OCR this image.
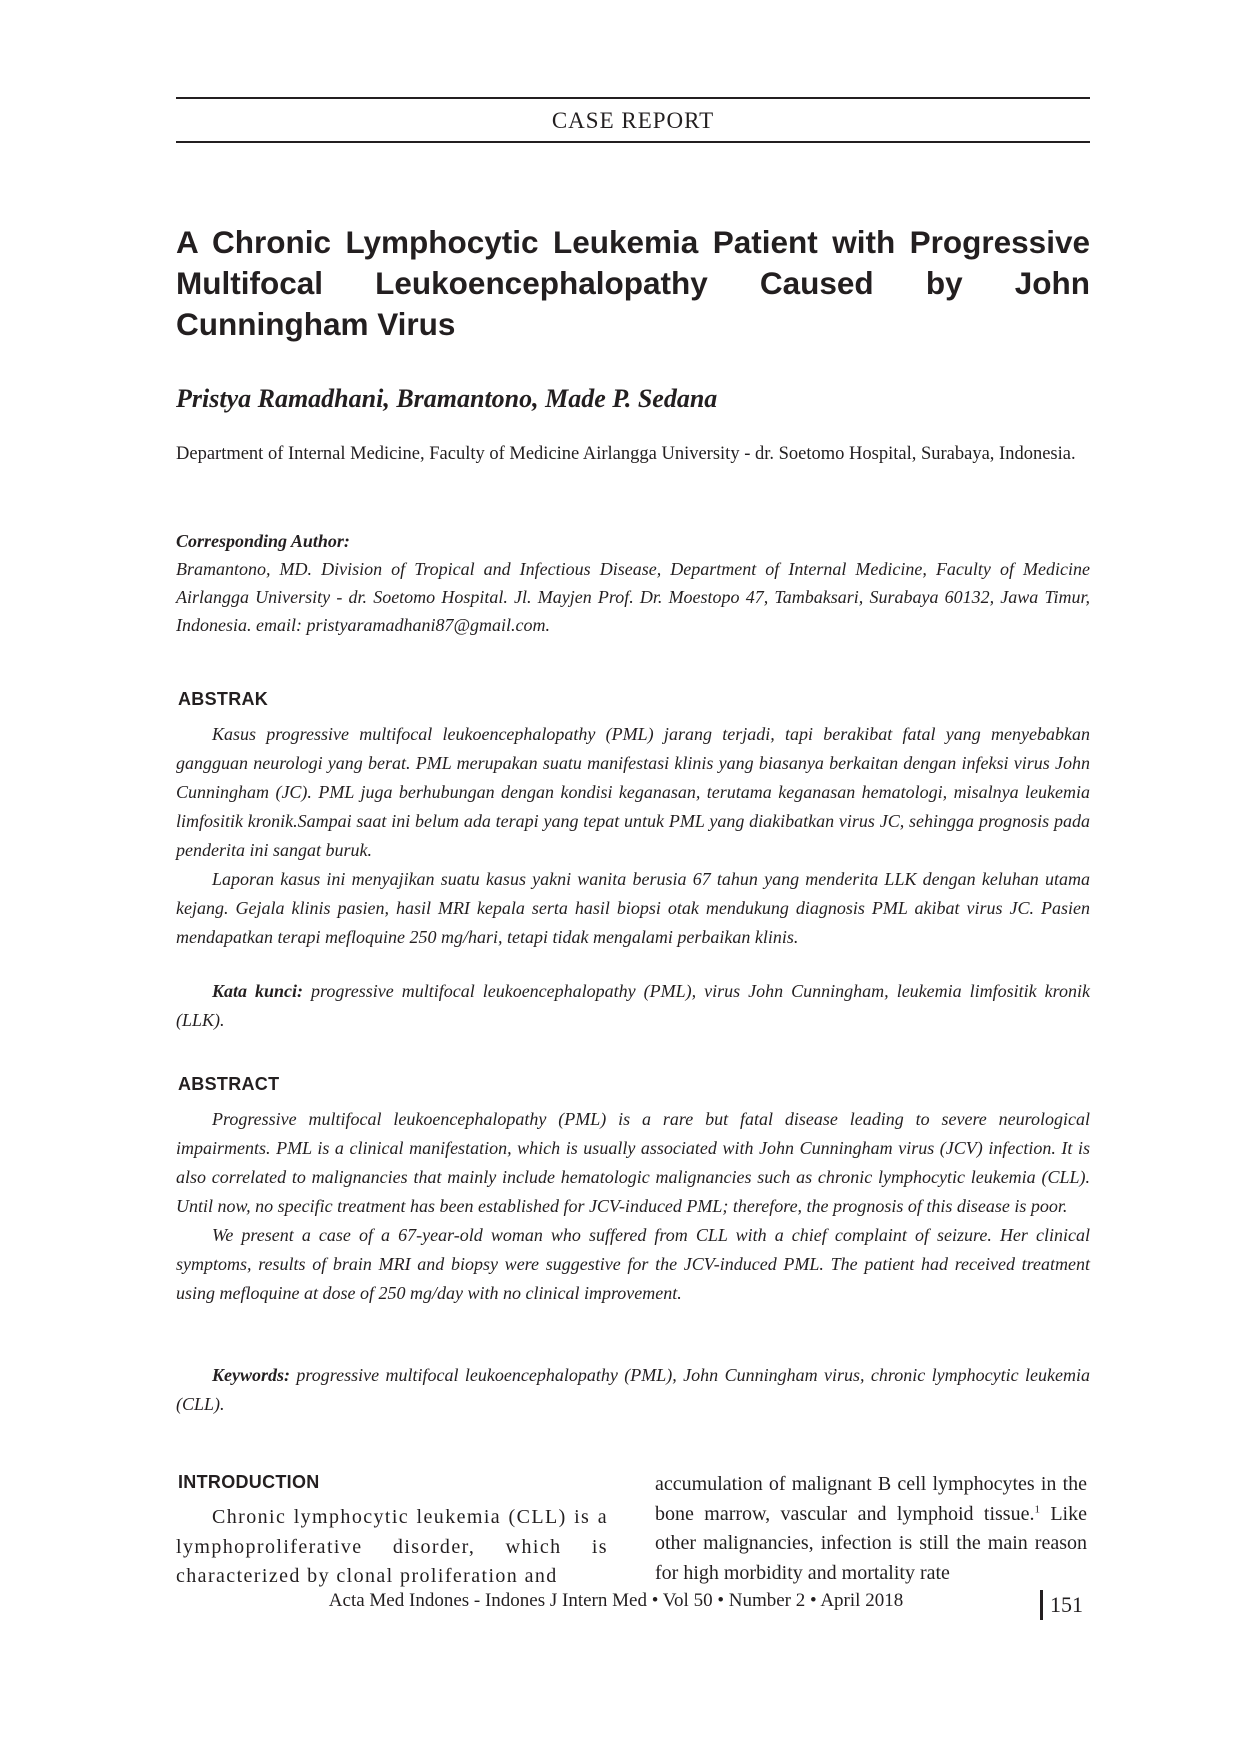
CASE REPORT
A Chronic Lymphocytic Leukemia Patient with Progressive
Multifocal Leukoencephalopathy Caused by John
Cunningham Virus
Pristya Ramadhani, Bramantono, Made P. Sedana
Department of Internal Medicine, Faculty of Medicine Airlangga University - dr. Soetomo Hospital, Surabaya, Indonesia.
Corresponding Author:
Bramantono, MD. Division of Tropical and Infectious Disease, Department of Internal Medicine, Faculty of Medicine Airlangga University - dr. Soetomo Hospital. Jl. Mayjen Prof. Dr. Moestopo 47, Tambaksari, Surabaya 60132, Jawa Timur, Indonesia. email: pristyaramadhani87@gmail.com.
ABSTRAK

Kasus progressive multifocal leukoencephalopathy (PML) jarang terjadi, tapi berakibat fatal yang menyebabkan gangguan neurologi yang berat. PML merupakan suatu manifestasi klinis yang biasanya berkaitan dengan infeksi virus John Cunningham (JC). PML juga berhubungan dengan kondisi keganasan, terutama keganasan hematologi, misalnya leukemia limfositik kronik.Sampai saat ini belum ada terapi yang tepat untuk PML yang diakibatkan virus JC, sehingga prognosis pada penderita ini sangat buruk.

Laporan kasus ini menyajikan suatu kasus yakni wanita berusia 67 tahun yang menderita LLK dengan keluhan utama kejang. Gejala klinis pasien, hasil MRI kepala serta hasil biopsi otak mendukung diagnosis PML akibat virus JC. Pasien mendapatkan terapi mefloquine 250 mg/hari, tetapi tidak mengalami perbaikan klinis.

Kata kunci: progressive multifocal leukoencephalopathy (PML), virus John Cunningham, leukemia limfositik kronik (LLK).
ABSTRACT

Progressive multifocal leukoencephalopathy (PML) is a rare but fatal disease leading to severe neurological impairments. PML is a clinical manifestation, which is usually associated with John Cunningham virus (JCV) infection. It is also correlated to malignancies that mainly include hematologic malignancies such as chronic lymphocytic leukemia (CLL). Until now, no specific treatment has been established for JCV-induced PML; therefore, the prognosis of this disease is poor.

We present a case of a 67-year-old woman who suffered from CLL with a chief complaint of seizure. Her clinical symptoms, results of brain MRI and biopsy were suggestive for the JCV-induced PML. The patient had received treatment using mefloquine at dose of 250 mg/day with no clinical improvement.

Keywords: progressive multifocal leukoencephalopathy (PML), John Cunningham virus, chronic lymphocytic leukemia (CLL).
INTRODUCTION

Chronic lymphocytic leukemia (CLL) is a lymphoproliferative disorder, which is characterized by clonal proliferation and

accumulation of malignant B cell lymphocytes in the bone marrow, vascular and lymphoid tissue.$^1$ Like other malignancies, infection is still the main reason for high morbidity and mortality rate

Acta Med Indones - Indones J Intern Med • Vol 50 • Number 2 • April 2018	151
